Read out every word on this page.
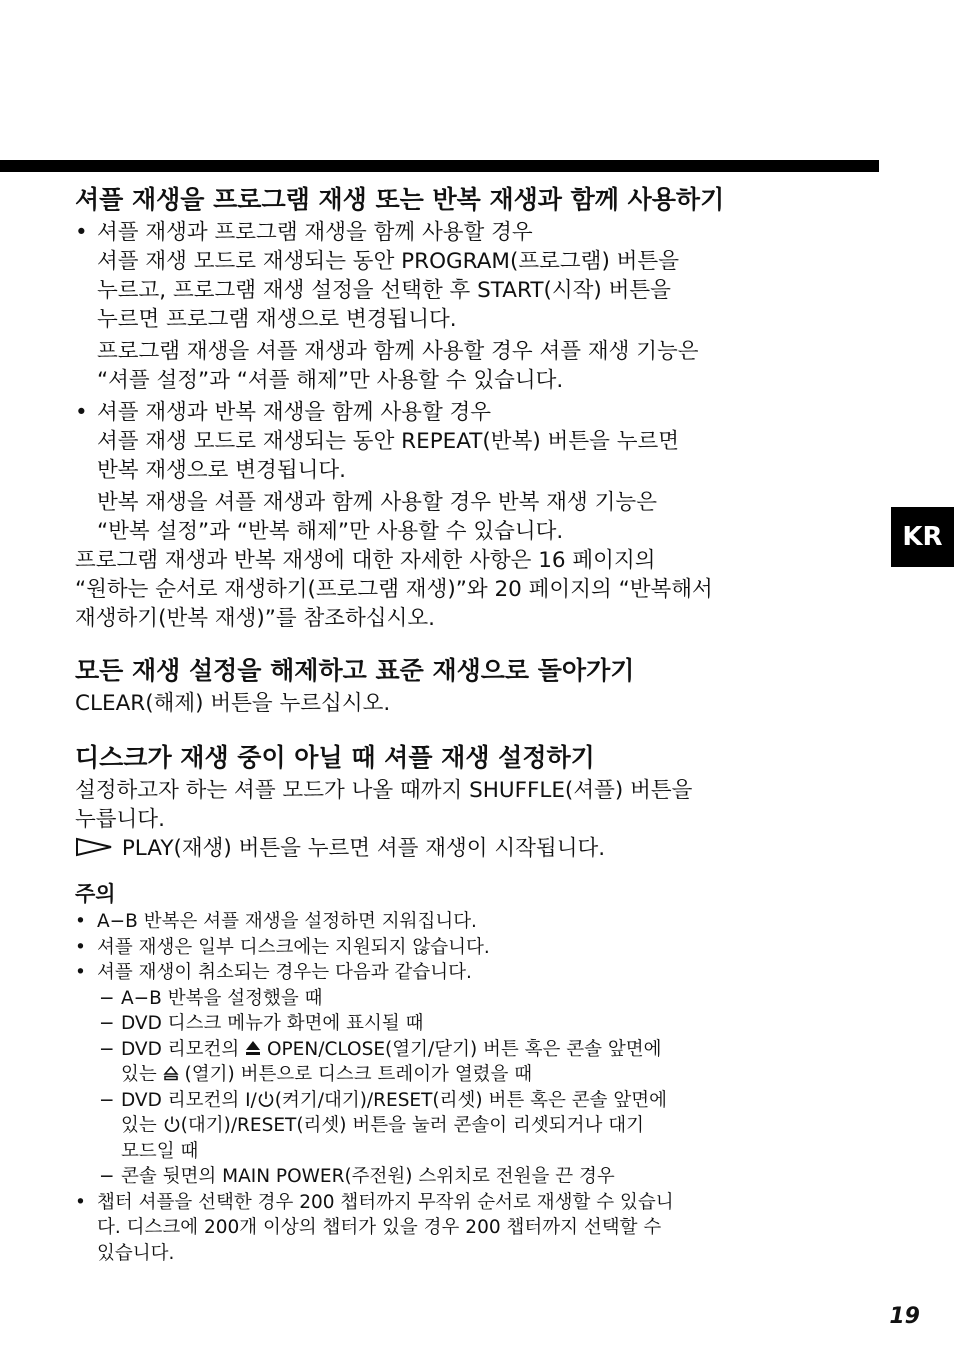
KR
셔플 재생을 프로그램 재생 또는 반복 재생과 함께 사용하기
• 셔플 재생과 프로그램 재생을 함께 사용할 경우
셔플 재생 모드로 재생되는 동안 PROGRAM(프로그램) 버튼을
누르고, 프로그램 재생 설정을 선택한 후 START(시작) 버튼을
누르면 프로그램 재생으로 변경됩니다.
프로그램 재생을 셔플 재생과 함께 사용할 경우 셔플 재생 기능은
“셔플 설정”과 “셔플 해제”만 사용할 수 있습니다.
• 셔플 재생과 반복 재생을 함께 사용할 경우
셔플 재생 모드로 재생되는 동안 REPEAT(반복) 버튼을 누르면
반복 재생으로 변경됩니다.
반복 재생을 셔플 재생과 함께 사용할 경우 반복 재생 기능은
“반복 설정”과 “반복 해제”만 사용할 수 있습니다.
프로그램 재생과 반복 재생에 대한 자세한 사항은 16 페이지의
“원하는 순서로 재생하기(프로그램 재생)”와 20 페이지의 “반복해서
재생하기(반복 재생)”를 참조하십시오.
모든 재생 설정을 해제하고 표준 재생으로 돌아가기
CLEAR(해제) 버튼을 누르십시오.
디스크가 재생 중이 아닐 때 셔플 재생 설정하기
설정하고자 하는 셔플 모드가 나올 때까지 SHUFFLE(셔플) 버튼을
누릅니다.
PLAY(재생) 버튼을 누르면 셔플 재생이 시작됩니다.
주의
• A−B 반복은 셔플 재생을 설정하면 지워집니다.
• 셔플 재생은 일부 디스크에는 지원되지 않습니다.
• 셔플 재생이 취소되는 경우는 다음과 같습니다.
− A−B 반복을 설정했을 때
− DVD 디스크 메뉴가 화면에 표시될 때
− DVD 리모컨의 OPEN/CLOSE(열기/닫기) 버튼 혹은 콘솔 앞면에
있는 (열기) 버튼으로 디스크 트레이가 열렸을 때
− DVD 리모컨의 I/ (켜기/대기)/RESET(리셋) 버튼 혹은 콘솔 앞면에
있는 (대기)/RESET(리셋) 버튼을 눌러 콘솔이 리셋되거나 대기
모드일 때
− 콘솔 뒷면의 MAIN POWER(주전원) 스위치로 전원을 끈 경우
• 챕터 셔플을 선택한 경우 200 챕터까지 무작위 순서로 재생할 수 있습니
다. 디스크에 200개 이상의 챕터가 있을 경우 200 챕터까지 선택할 수
있습니다.
19
